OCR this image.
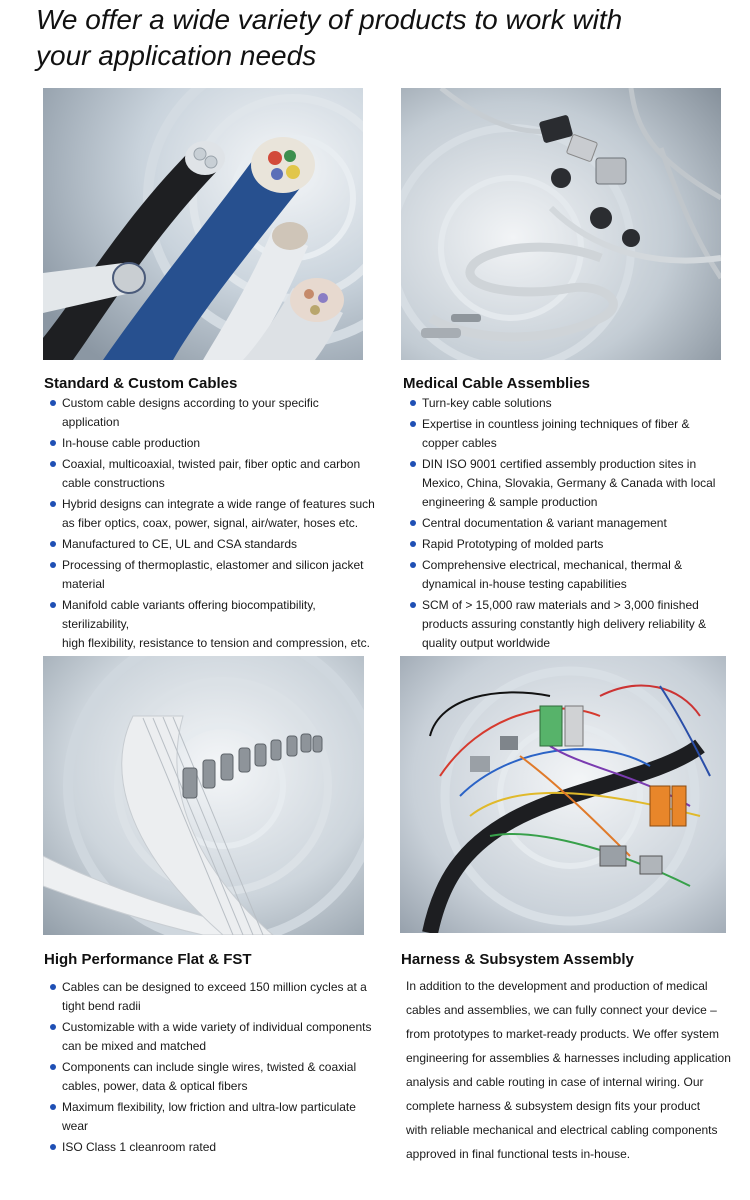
We offer a wide variety of products to work with
your application needs
Standard & Custom Cables
Custom cable designs according to your specific
application
In-house cable production
Coaxial, multicoaxial, twisted pair, fiber optic and carbon
cable constructions
Hybrid designs can integrate a wide range of features such
as fiber optics, coax, power, signal, air/water, hoses etc.
Manufactured to CE, UL and CSA standards
Processing of thermoplastic, elastomer and silicon jacket
material
Manifold cable variants offering biocompatibility, sterilizability,
high flexibility, resistance to tension and compression, etc.
Medical Cable Assemblies
Turn-key cable solutions
Expertise in countless joining techniques of fiber &
copper cables
DIN ISO 9001 certified assembly production sites in
Mexico, China, Slovakia, Germany & Canada with local
engineering & sample production
Central documentation & variant management
Rapid Prototyping of molded parts
Comprehensive electrical, mechanical, thermal &
dynamical in-house testing capabilities
SCM of > 15,000 raw materials and > 3,000 finished
products assuring constantly high delivery reliability &
quality output worldwide
High Performance Flat & FST
Cables can be designed to exceed 150 million cycles at a
tight bend radii
Customizable with a wide variety of individual components
can be mixed and matched
Components can include single wires, twisted & coaxial
cables, power, data & optical fibers
Maximum flexibility, low friction and ultra-low particulate
wear
ISO Class 1 cleanroom rated
Harness & Subsystem Assembly
In addition to the development and production of medical
cables and assemblies, we can fully connect your device –
from prototypes to market-ready products. We offer system
engineering for assemblies & harnesses including application
analysis and cable routing in case of internal wiring. Our
complete harness & subsystem design fits your product
with reliable mechanical and electrical cabling components
approved in final functional tests in-house.
